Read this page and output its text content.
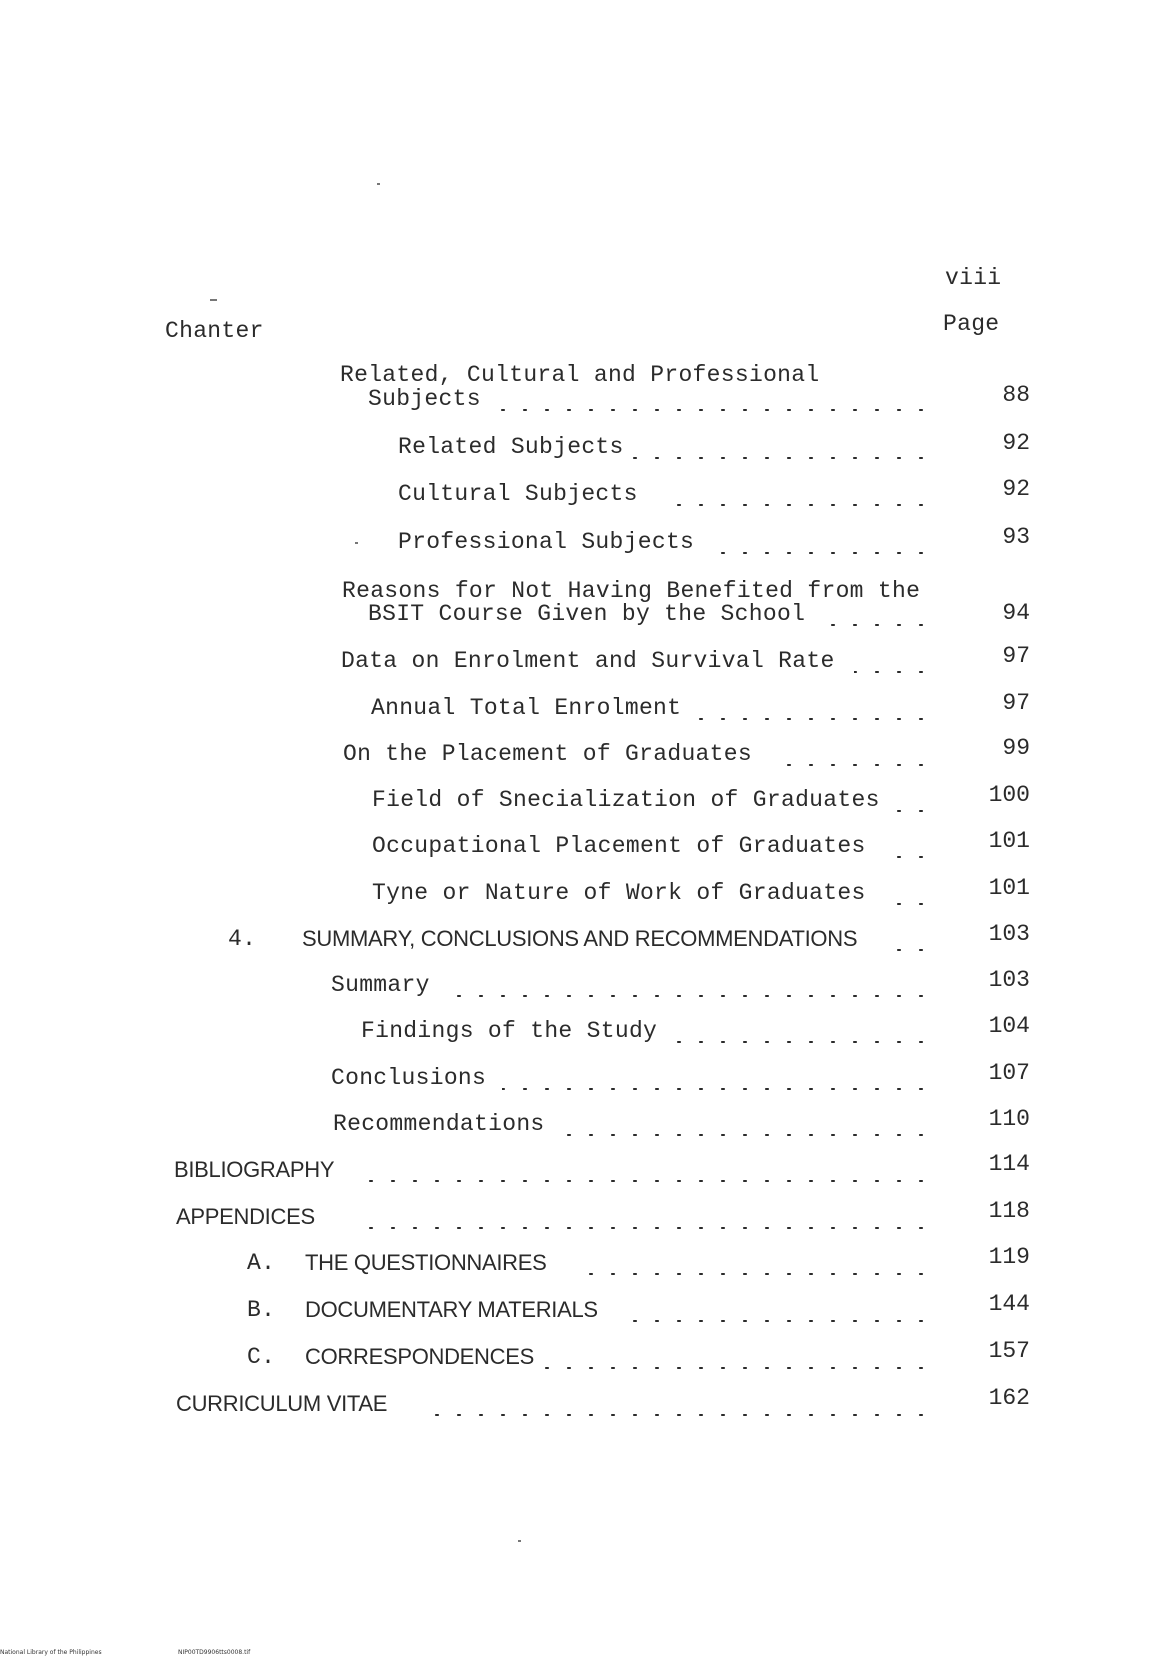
viii
Chanter	Page
Related, Cultural and Professional
Subjects	88
Related Subjects	92
Cultural Subjects	92
Professional Subjects	93
Reasons for Not Having Benefited from the
BSIT Course Given by the School	94
Data on Enrolment and Survival Rate	97
Annual Total Enrolment	97
On the Placement of Graduates	99
Field of Snecialization of Graduates	100
Occupational Placement of Graduates	101
Tyne or Nature of Work of Graduates	101
4. SUMMARY, CONCLUSIONS AND RECOMMENDATIONS	103
Summary	103
Findings of the Study	104
Conclusions	107
Recommendations	110
BIBLIOGRAPHY	114
APPENDICES	118
A. THE QUESTIONNAIRES	119
B. DOCUMENTARY MATERIALS	144
C. CORRESPONDENCES	157
CURRICULUM VITAE	162
National Library of the Philippines	NIP00TD9906tts0008.tif
